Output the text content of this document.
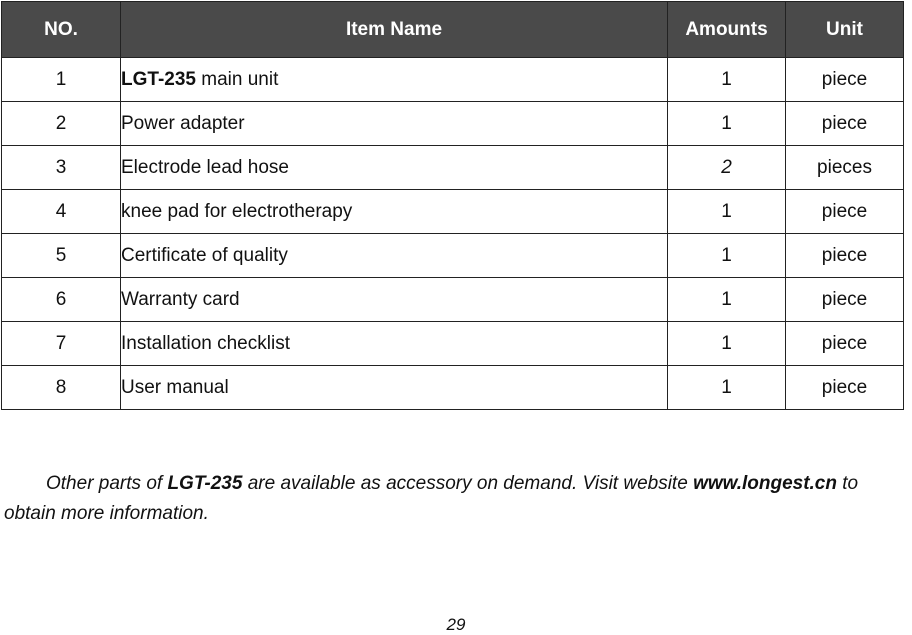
NO.	Item Name	Amounts	Unit
1	LGT-235 main unit	1	piece
2	Power adapter	1	piece
3	Electrode lead hose	2	pieces
4	knee pad for electrotherapy	1	piece
5	Certificate of quality	1	piece
6	Warranty card	1	piece
7	Installation checklist	1	piece
8	User manual	1	piece

Other parts of LGT-235 are available as accessory on demand. Visit website www.longest.cn to obtain more information.

29
